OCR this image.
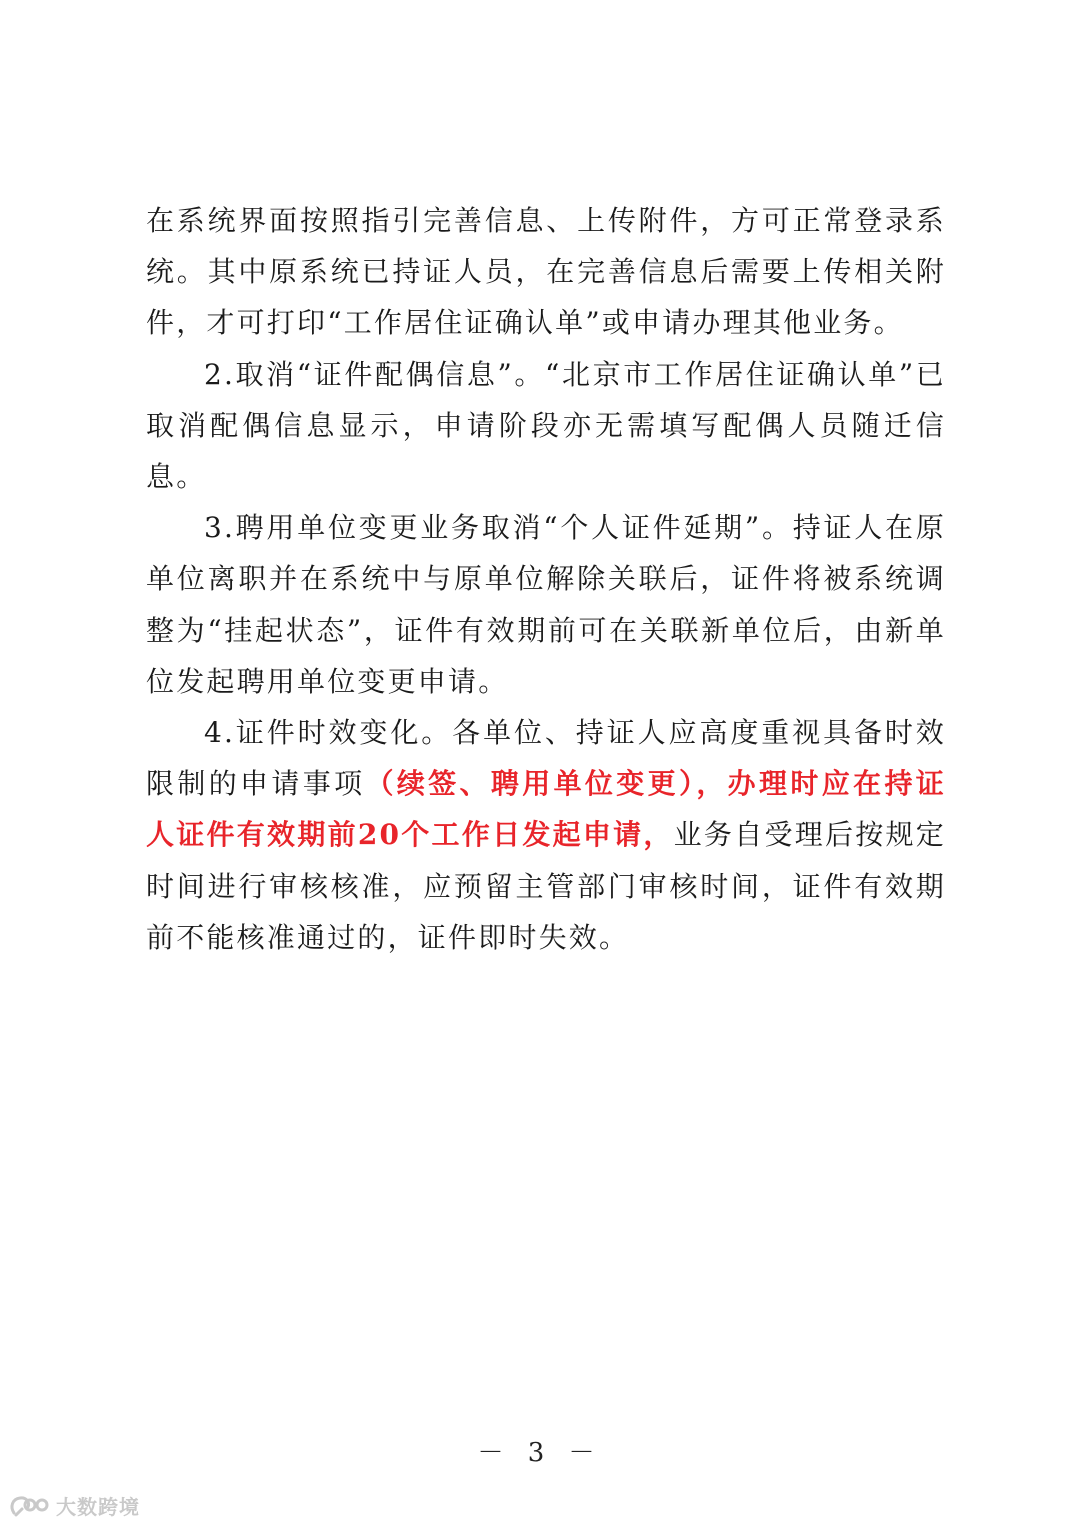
在系统界面按照指引完善信息、上传附件，方可正常登录系统。其中原系统已持证人员，在完善信息后需要上传相关附件，才可打印“工作居住证确认单”或申请办理其他业务。

2.取消“证件配偶信息”。“北京市工作居住证确认单”已取消配偶信息显示，申请阶段亦无需填写配偶人员随迁信息。

3.聘用单位变更业务取消“个人证件延期”。持证人在原单位离职并在系统中与原单位解除关联后，证件将被系统调整为“挂起状态”，证件有效期前可在关联新单位后，由新单位发起聘用单位变更申请。

4.证件时效变化。各单位、持证人应高度重视具备时效限制的申请事项（续签、聘用单位变更），办理时应在持证人证件有效期前20个工作日发起申请，业务自受理后按规定时间进行审核核准，应预留主管部门审核时间，证件有效期前不能核准通过的，证件即时失效。

－ 3 －
大数跨境
